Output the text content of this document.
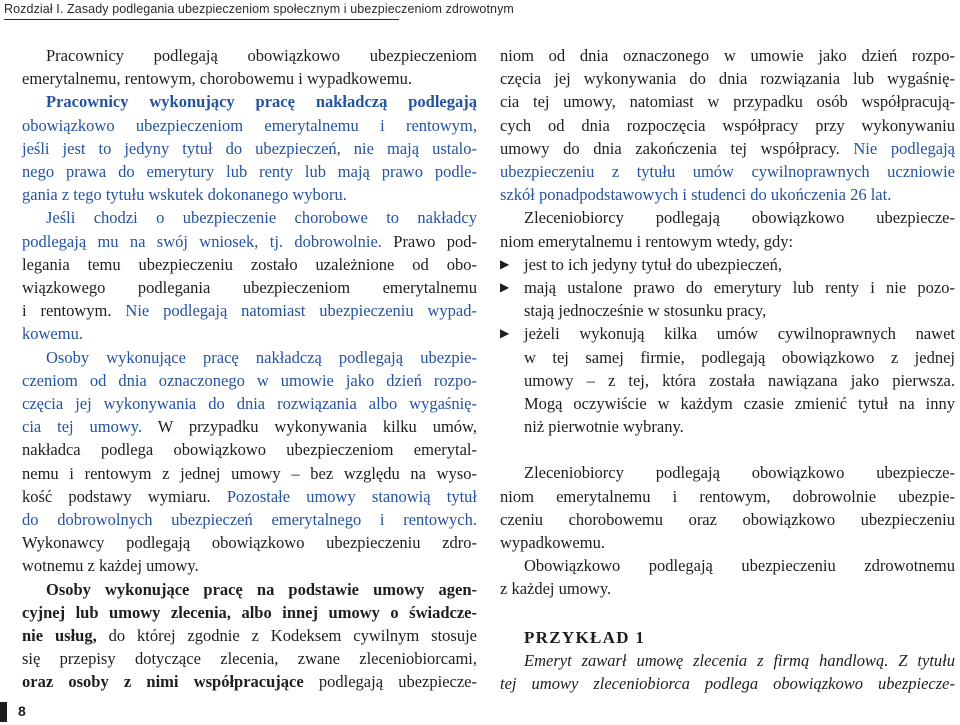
Rozdział I. Zasady podlegania ubezpieczeniom społecznym i ubezpieczeniom zdrowotnym
Pracownicy podlegają obowiązkowo ubezpieczeniom
emerytalnemu, rentowym, chorobowemu i wypadkowemu.
Pracownicy wykonujący pracę nakładczą podlegają
obowiązkowo ubezpieczeniom emerytalnemu i rentowym,
jeśli jest to jedyny tytuł do ubezpieczeń, nie mają ustalo-
nego prawa do emerytury lub renty lub mają prawo podle-
gania z tego tytułu wskutek dokonanego wyboru.
Jeśli chodzi o ubezpieczenie chorobowe to nakładcy
podlegają mu na swój wniosek, tj. dobrowolnie. Prawo pod-
legania temu ubezpieczeniu zostało uzależnione od obo-
wiązkowego podlegania ubezpieczeniom emerytalnemu
i rentowym. Nie podlegają natomiast ubezpieczeniu wypad-
kowemu.
Osoby wykonujące pracę nakładczą podlegają ubezpie-
czeniom od dnia oznaczonego w umowie jako dzień rozpo-
częcia jej wykonywania do dnia rozwiązania albo wygaśnię-
cia tej umowy. W przypadku wykonywania kilku umów,
nakładca podlega obowiązkowo ubezpieczeniom emerytal-
nemu i rentowym z jednej umowy – bez względu na wyso-
kość podstawy wymiaru. Pozostałe umowy stanowią tytuł
do dobrowolnych ubezpieczeń emerytalnego i rentowych.
Wykonawcy podlegają obowiązkowo ubezpieczeniu zdro-
wotnemu z każdej umowy.
Osoby wykonujące pracę na podstawie umowy agen-
cyjnej lub umowy zlecenia, albo innej umowy o świadcze-
nie usług, do której zgodnie z Kodeksem cywilnym stosuje
się przepisy dotyczące zlecenia, zwane zleceniobiorcami,
oraz osoby z nimi współpracujące podlegają ubezpiecze-
niom od dnia oznaczonego w umowie jako dzień rozpo-
częcia jej wykonywania do dnia rozwiązania lub wygaśnię-
cia tej umowy, natomiast w przypadku osób współpracują-
cych od dnia rozpoczęcia współpracy przy wykonywaniu
umowy do dnia zakończenia tej współpracy. Nie podlegają
ubezpieczeniu z tytułu umów cywilnoprawnych uczniowie
szkół ponadpodstawowych i studenci do ukończenia 26 lat.
Zleceniobiorcy podlegają obowiązkowo ubezpiecze-
niom emerytalnemu i rentowym wtedy, gdy:
▶ jest to ich jedyny tytuł do ubezpieczeń,
▶ mają ustalone prawo do emerytury lub renty i nie pozo-
stają jednocześnie w stosunku pracy,
▶ jeżeli wykonują kilka umów cywilnoprawnych nawet
w tej samej firmie, podlegają obowiązkowo z jednej
umowy – z tej, która została nawiązana jako pierwsza.
Mogą oczywiście w każdym czasie zmienić tytuł na inny
niż pierwotnie wybrany.
Zleceniobiorcy podlegają obowiązkowo ubezpiecze-
niom emerytalnemu i rentowym, dobrowolnie ubezpie-
czeniu chorobowemu oraz obowiązkowo ubezpieczeniu
wypadkowemu.
Obowiązkowo podlegają ubezpieczeniu zdrowotnemu
z każdej umowy.
PRZYKŁAD 1
Emeryt zawarł umowę zlecenia z firmą handlową. Z tytułu
tej umowy zleceniobiorca podlega obowiązkowo ubezpiecze-
8
